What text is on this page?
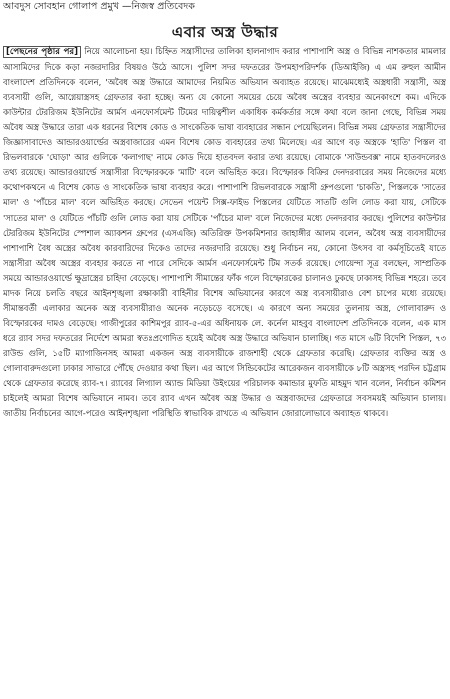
আবদুস সোবহান গোলাপ প্রমুখ —নিজস্ব প্রতিবেদক
এবার অস্ত্র উদ্ধার
[পেছনের পৃষ্ঠার পর] নিয়ে আলোচনা হয়। চিহ্নিত সন্ত্রাসীদের তালিকা হালনাগাদ করার পাশাপাশি অস্ত্র ও বিভিন্ন নাশকতার মামলার আসামিদের দিকে কড়া নজরদারির বিষয়ও উঠে আসে। পুলিশ সদর দফতরের উপমহাপরিদর্শক (ডিআইজি) এ এম রুহুল আমীন বাংলাদেশ প্রতিদিনকে বলেন, 'অবৈধ অস্ত্র উদ্ধারে আমাদের নিয়মিত অভিযান অব্যাহত রয়েছে। মাঝেমধ্যেই অস্ত্রধারী সন্ত্রাসী, অস্ত্র ব্যবসায়ী গুলি, আগ্নেয়াস্ত্রসহ গ্রেফতার করা হচ্ছে। অন্য যে কোনো সময়ের চেয়ে অবৈধ অস্ত্রের ব্যবহার অনেকাংশে কম। এদিকে কাউন্টার টেররিজম ইউনিটের আর্মস এনফোর্সমেন্ট টিমের দায়িত্বশীল একাধিক কর্মকর্তার সঙ্গে কথা বলে জানা গেছে, বিভিন্ন সময় অবৈধ অস্ত্র উদ্ধারে তারা এক ধরনের বিশেষ কোড ও সাংকেতিক ভাষা ব্যবহারের সন্ধান পেয়েছিলেন। বিভিন্ন সময় গ্রেফতার সন্ত্রাসীদের জিজ্ঞাসাবাদেও আন্ডারওয়ার্ল্ডের অস্ত্রবাজারের এমন বিশেষ কোড ব্যবহারের তথ্য মিলেছে। এর আগে বড় অস্ত্রকে 'হাতি' পিস্তল বা রিভলবারকে 'ঘোড়া' আর গুলিকে 'কলাগাছ' নামে কোড দিয়ে হাতবদল করার তথ্য রয়েছে। বোমাকে 'সাউন্ডবক্স' নামে হাতবদলেরও তথ্য রয়েছে। আন্ডারওয়ার্ল্ডে সন্ত্রাসীরা বিস্ফোরককে 'মাটি' বলে অভিহিত করে। বিস্ফোরক বিক্রির দেনদরবারের সময় নিজেদের মধ্যে কথোপকথনে এ বিশেষ কোড ও সাংকেতিক ভাষা ব্যবহার করে। পাশাপাশি রিভলবারকে সন্ত্রাসী গ্রুপগুলো 'চাকতি', পিস্তলকে 'সাতের মাল' ও 'পাঁচের মাল' বলে অভিহিত করছে। সেভেন পয়েন্ট সিক্স-ফাইভ পিস্তলের যেটিতে সাতটি গুলি লোড করা যায়, সেটিকে 'সাতের মাল' ও যেটিতে পাঁচটি গুলি লোড করা যায় সেটিকে 'পাঁচের মাল' বলে নিজেদের মধ্যে দেনদরবার করছে। পুলিশের কাউন্টার টেররিজম ইউনিটের স্পেশাল অ্যাকশন গ্রুপের (এসএজি) অতিরিক্ত উপকমিশনার জাহাঙ্গীর আলম বলেন, অবৈধ অস্ত্র ব্যবসায়ীদের পাশাপাশি বৈধ অস্ত্রের অবৈধ কারবারিদের দিকেও তাদের নজরদারি রয়েছে। শুধু নির্বাচন নয়, কোনো উৎসব বা কর্মসূচিতেই যাতে সন্ত্রাসীরা অবৈধ অস্ত্রের ব্যবহার করতে না পারে সেদিকে আর্মস এনফোর্সমেন্ট টিম সতর্ক রয়েছে। গোয়েন্দা সূত্র বলছেন, সাম্প্রতিক সময়ে আন্ডারওয়ার্ল্ডে ক্ষুদ্রাস্ত্রের চাহিদা বেড়েছে। পাশাপাশি সীমান্তের ফাঁক গলে বিস্ফোরকের চালানও ঢুকছে ঢাকাসহ বিভিন্ন শহরে। তবে মাদক নিয়ে চলতি বছরে আইনশৃঙ্খলা রক্ষাকারী বাহিনীর বিশেষ অভিযানের কারণে অস্ত্র ব্যবসায়ীরাও বেশ চাপের মধ্যে রয়েছে। সীমান্তবর্তী এলাকার অনেক অস্ত্র ব্যবসায়ীরাও অনেক নড়েচড়ে বসেছে। এ কারণে অন্য সময়ের তুলনায় অস্ত্র, গোলাবারুদ ও বিস্ফোরকের দামও বেড়েছে। গাজীপুরের কাশিমপুর র‌্যাব-৫-এর অধিনায়ক লে. কর্নেল মাহবুব বাংলাদেশ প্রতিদিনকে বলেন, এক মাস ধরে র‌্যাব সদর দফতরের নির্দেশে আমরা স্বতঃপ্রণোদিত হয়েই অবৈধ অস্ত্র উদ্ধারে অভিযান চালাচ্ছি। গত মাসে ৬টি বিদেশি পিস্তল, ৭৩ রাউন্ড গুলি, ১৫টি ম্যাগাজিনসহ আমরা একজন অস্ত্র ব্যবসায়ীকে রাজশাহী থেকে গ্রেফতার করেছি। গ্রেফতার ব্যক্তির অস্ত্র ও গোলাবারুদগুলো ঢাকার সাভারে পৌঁছে দেওয়ার কথা ছিল। এর আগে সিন্ডিকেটের আরেকজন ব্যবসায়ীকে ৮টি অস্ত্রসহ পরদিন চট্টগ্রাম থেকে গ্রেফতার করেছে র‌্যাব-৭। র‌্যাবের লিগ্যাল অ্যান্ড মিডিয়া উইংয়ের পরিচালক কমান্ডার মুফতি মাহমুদ খান বলেন, নির্বাচন কমিশন চাইলেই আমরা বিশেষ অভিযানে নামব। তবে র‌্যাব এখন অবৈধ অস্ত্র উদ্ধার ও অস্ত্রবাজদের গ্রেফতারে সবসময়ই অভিযান চালায়। জাতীয় নির্বাচনের আগে-পরেও আইনশৃঙ্খলা পরিস্থিতি স্বাভাবিক রাখতে এ অভিযান জোরালোভাবে অব্যাহত থাকবে।
